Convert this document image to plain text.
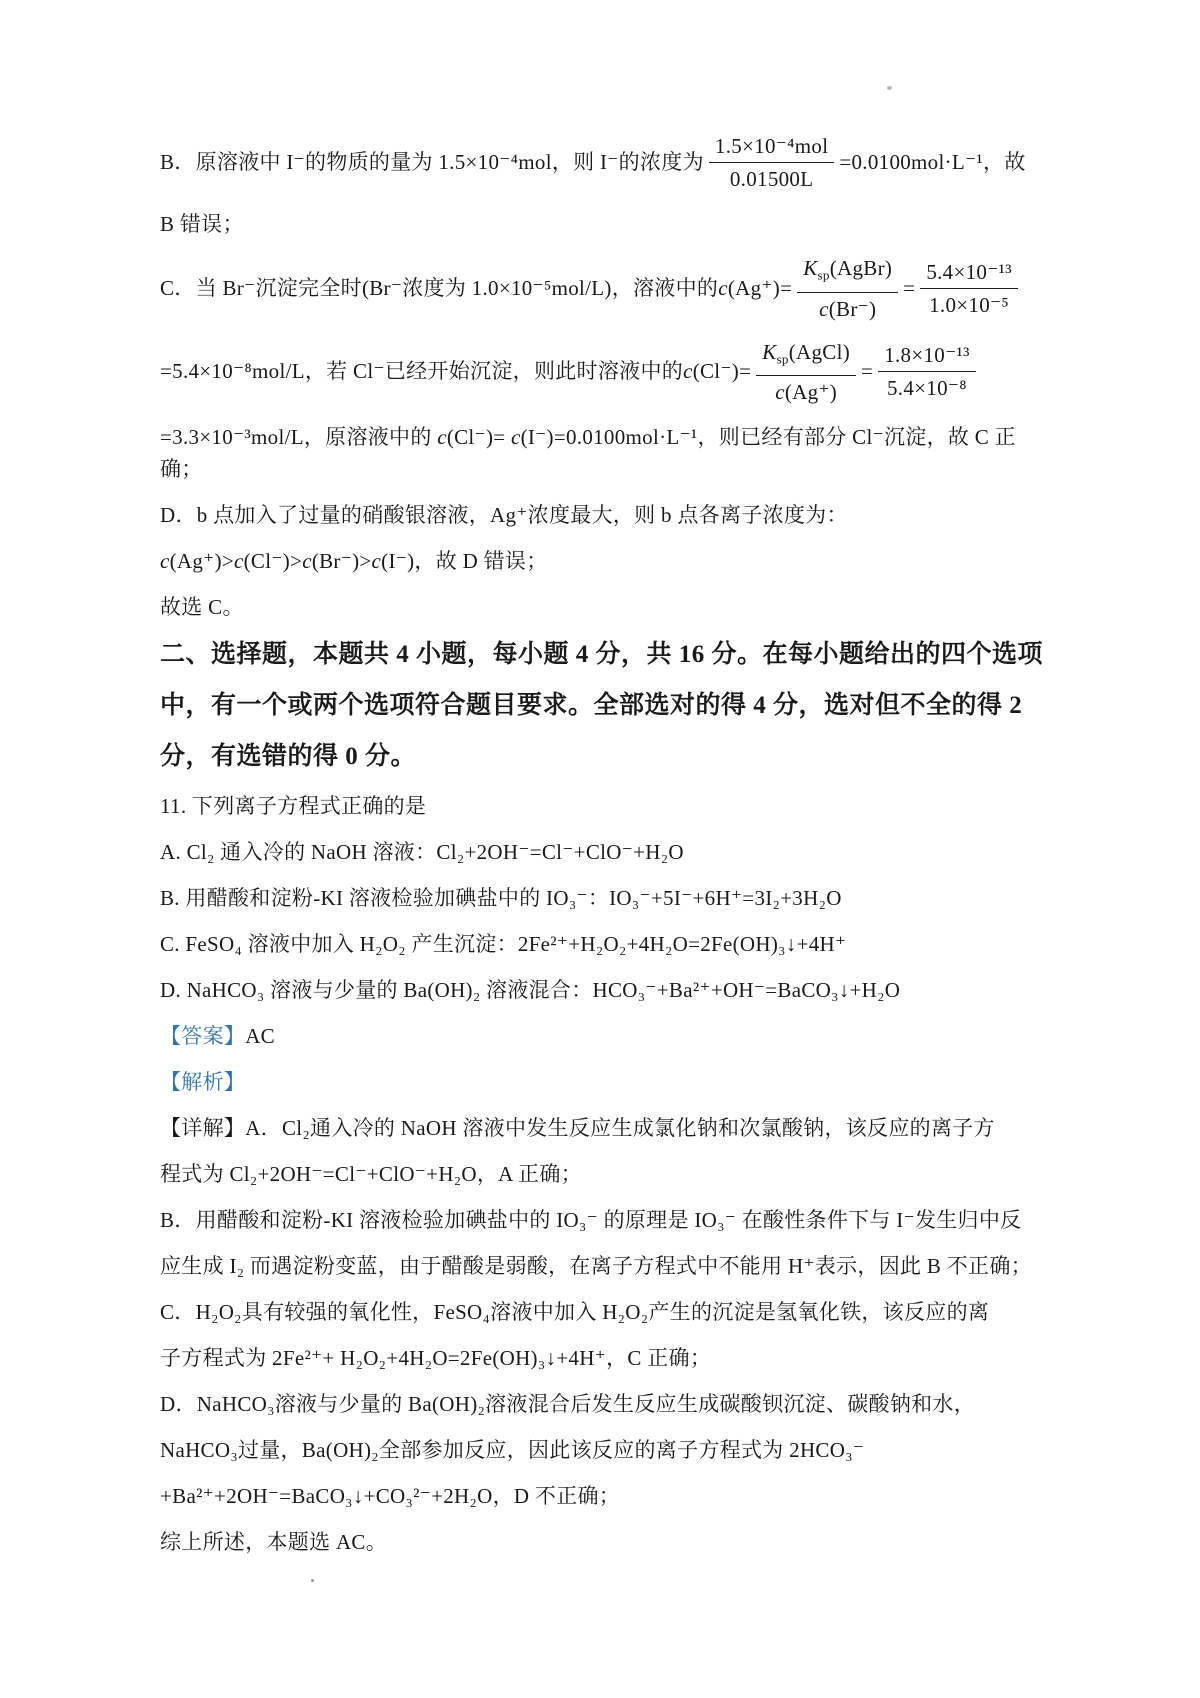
B．原溶液中 I⁻的物质的量为 1.5×10⁻⁴mol，则 I⁻的浓度为 $\frac{\text{1.5×10⁻⁴mol}}{0.01500L} =0.0100mol\cdot L^{-1}$，故
B 错误；
C．当 Br⁻沉淀完全时(Br⁻浓度为 1.0×10⁻⁵mol/L)，溶液中的 c $(Ag^+)= \frac{K_{sp}(AgBr)}{c(Br^-)} = \frac{\text{5.4×10⁻¹³}}{\text{1.0×10⁻⁵}}$
=5.4×10⁻⁸mol/L，若 Cl⁻已经开始沉淀，则此时溶液中的 c $(Cl^-)= \frac{K_{sp}(AgCl)}{c(Ag^+)} = \frac{\text{1.8×10⁻¹³}}{\text{5.4×10⁻⁸}}$
=3.3×10⁻³mol/L，原溶液中的 c(Cl⁻)= c(I⁻)=0.0100mol·L⁻¹，则已经有部分 Cl⁻沉淀，故 C 正确；
D．b 点加入了过量的硝酸银溶液，Ag⁺浓度最大，则 b 点各离子浓度为：
c(Ag⁺)>c(Cl⁻)>c(Br⁻)>c(I⁻)，故 D 错误；
故选 C。
二、选择题，本题共 4 小题，每小题 4 分，共 16 分。在每小题给出的四个选项
中，有一个或两个选项符合题目要求。全部选对的得 4 分，选对但不全的得 2
分，有选错的得 0 分。
11. 下列离子方程式正确的是
A. Cl₂ 通入冷的 NaOH 溶液：Cl₂+2OH⁻=Cl⁻+ClO⁻+H₂O
B. 用醋酸和淀粉-KI 溶液检验加碘盐中的 IO₃⁻：IO₃⁻+5I⁻+6H⁺=3I₂+3H₂O
C. FeSO₄ 溶液中加入 H₂O₂ 产生沉淀：2Fe²⁺+H₂O₂+4H₂O=2Fe(OH)₃↓+4H⁺
D. NaHCO₃ 溶液与少量的 Ba(OH)₂ 溶液混合：HCO₃⁻+Ba²⁺+OH⁻=BaCO₃↓+H₂O
【答案】AC
【解析】
【详解】A．Cl₂通入冷的 NaOH 溶液中发生反应生成氯化钠和次氯酸钠，该反应的离子方
程式为 Cl₂+2OH⁻=Cl⁻+ClO⁻+H₂O，A 正确；
B．用醋酸和淀粉-KI 溶液检验加碘盐中的 IO₃⁻ 的原理是 IO₃⁻ 在酸性条件下与 I⁻发生归中反
应生成 I₂ 而遇淀粉变蓝，由于醋酸是弱酸，在离子方程式中不能用 H⁺表示，因此 B 不正确；
C．H₂O₂具有较强的氧化性，FeSO₄溶液中加入 H₂O₂产生的沉淀是氢氧化铁，该反应的离
子方程式为 2Fe²⁺+ H₂O₂+4H₂O=2Fe(OH)₃↓+4H⁺，C 正确；
D．NaHCO₃溶液与少量的 Ba(OH)₂溶液混合后发生反应生成碳酸钡沉淀、碳酸钠和水，
NaHCO₃过量，Ba(OH)₂全部参加反应，因此该反应的离子方程式为 2HCO₃⁻
+Ba²⁺+2OH⁻=BaCO₃↓+CO₃²⁻+2H₂O，D 不正确；
综上所述，本题选 AC。
